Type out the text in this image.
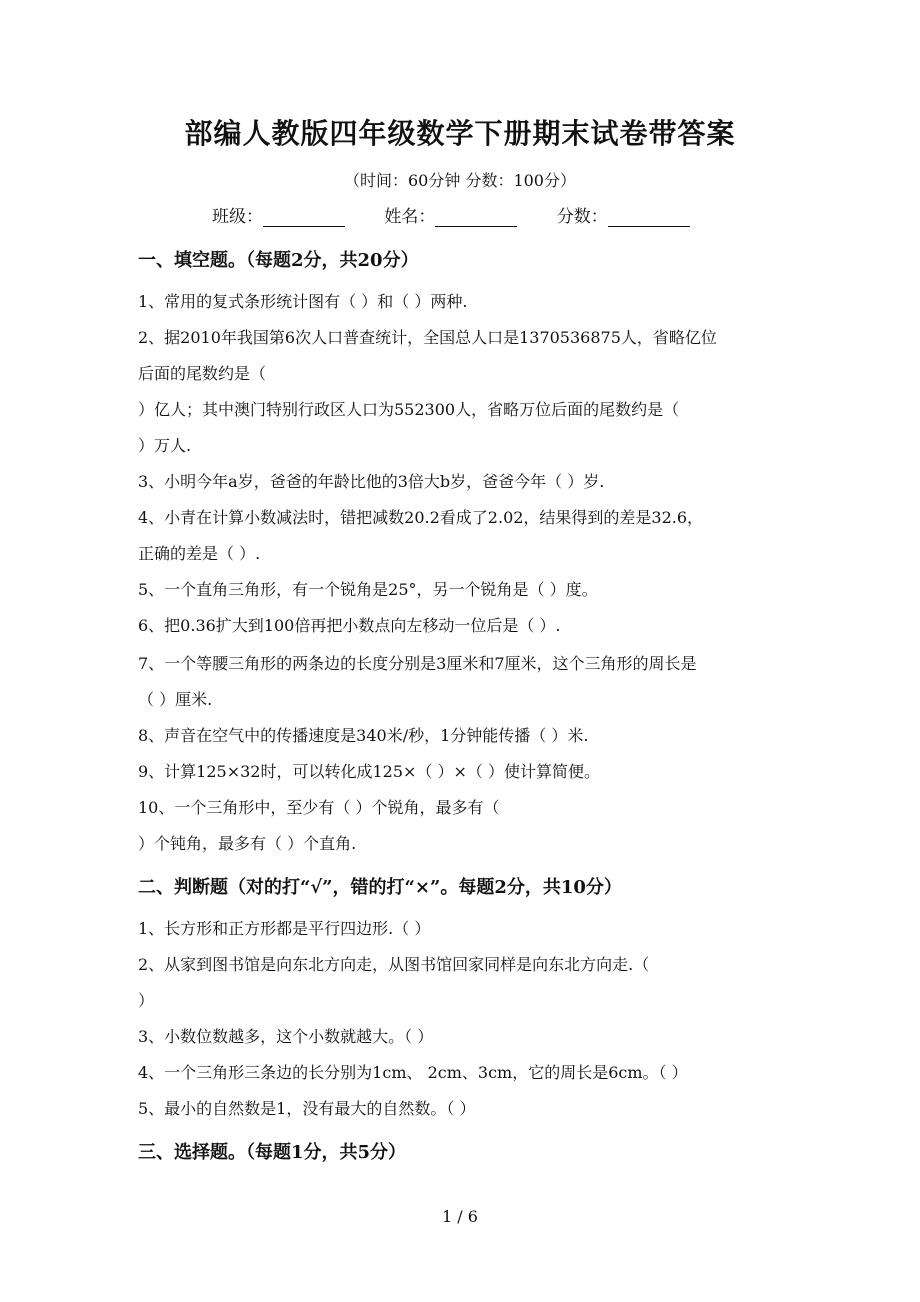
部编人教版四年级数学下册期末试卷带答案
（时间：60分钟 分数：100分）
班级：	姓名：	分数：
一、填空题。（每题2分，共20分）
1、常用的复式条形统计图有（ ）和（ ）两种.
2、据2010年我国第6次人口普查统计，全国总人口是1370536875人，省略亿位
后面的尾数约是（
）亿人；其中澳门特别行政区人口为552300人，省略万位后面的尾数约是（
）万人.
3、小明今年a岁，爸爸的年龄比他的3倍大b岁，爸爸今年（ ）岁.
4、小青在计算小数减法时，错把减数20.2看成了2.02，结果得到的差是32.6，
正确的差是（ ）.
5、一个直角三角形，有一个锐角是25°，另一个锐角是（ ）度。
6、把0.36扩大到100倍再把小数点向左移动一位后是（ ）.
7、一个等腰三角形的两条边的长度分别是3厘米和7厘米，这个三角形的周长是
（ ）厘米.
8、声音在空气中的传播速度是340米/秒，1分钟能传播（ ）米.
9、计算125×32时，可以转化成125×（ ）×（ ）使计算简便。
10、一个三角形中，至少有（ ）个锐角，最多有（
）个钝角，最多有（ ）个直角.
二、判断题（对的打“√”，错的打“×”。每题2分，共10分）
1、长方形和正方形都是平行四边形.（ ）
2、从家到图书馆是向东北方向走，从图书馆回家同样是向东北方向走.（
）
3、小数位数越多，这个小数就越大。（ ）
4、一个三角形三条边的长分别为1cm、 2cm、3cm，它的周长是6cm。（ ）
5、最小的自然数是1，没有最大的自然数。（ ）
三、选择题。（每题1分，共5分）
1 / 6
